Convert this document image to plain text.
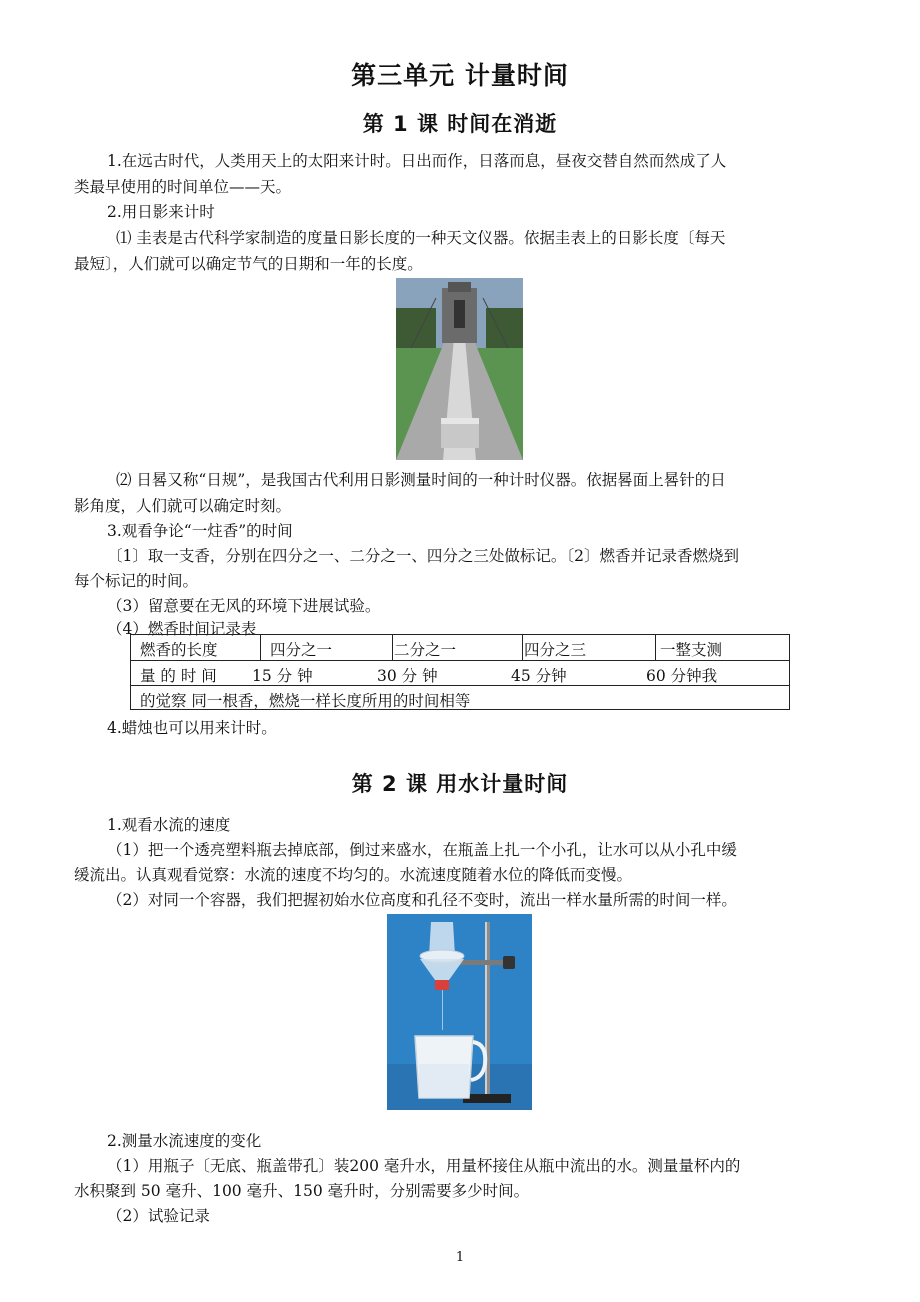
第三单元 计量时间
第 1 课 时间在消逝

1.在远古时代，人类用天上的太阳来计时。日出而作，日落而息，昼夜交替自然而然成了人

类最早使用的时间单位——天。

2.用日影来计时

⑴ 圭表是古代科学家制造的度量日影长度的一种天文仪器。依据圭表上的日影长度〔每天

最短〕，人们就可以确定节气的日期和一年的长度。

⑵ 日晷又称“日规”，是我国古代利用日影测量时间的一种计时仪器。依据晷面上晷针的日

影角度，人们就可以确定时刻。

3.观看争论“一炷香”的时间

〔1〕取一支香，分别在四分之一、二分之一、四分之三处做标记。〔2〕燃香并记录香燃烧到

每个标记的时间。

（3）留意要在无风的环境下进展试验。

（4）燃香时间记录表

燃香的长度	四分之一	二分之一	四分之三	一整支测
量 的 时 间 15 分 钟	30 分 钟	45 分钟	60 分钟我
的觉察 同一根香，燃烧一样长度所用的时间相等

4.蜡烛也可以用来计时。

第 2 课 用水计量时间

1.观看水流的速度

（1）把一个透亮塑料瓶去掉底部，倒过来盛水，在瓶盖上扎一个小孔，让水可以从小孔中缓

缓流出。认真观看觉察：水流的速度不均匀的。水流速度随着水位的降低而变慢。

（2）对同一个容器，我们把握初始水位高度和孔径不变时，流出一样水量所需的时间一样。

2.测量水流速度的变化

（1）用瓶子〔无底、瓶盖带孔〕装200 毫升水，用量杯接住从瓶中流出的水。测量量杯内的

水积聚到 50 毫升、100 毫升、150 毫升时，分别需要多少时间。

（2）试验记录

1
